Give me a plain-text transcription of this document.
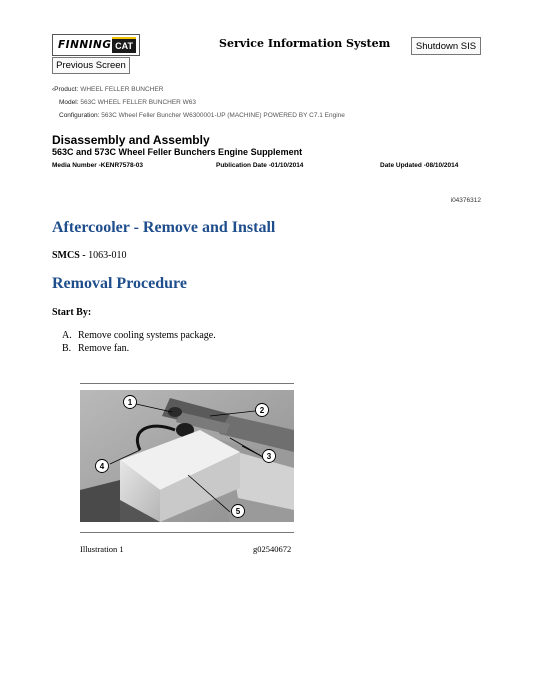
FINNING CAT	Service Information System	Shutdown SIS
Previous Screen
‹Product: WHEEL FELLER BUNCHER
Model: 563C WHEEL FELLER BUNCHER W63
Configuration: 563C Wheel Feller Buncher W6300001-UP (MACHINE) POWERED BY C7.1 Engine
Disassembly and Assembly
563C and 573C Wheel Feller Bunchers Engine Supplement
Media Number -KENR7578-03	Publication Date -01/10/2014	Date Updated -08/10/2014
i04376312
Aftercooler - Remove and Install
SMCS - 1063-010
Removal Procedure
Start By:
A. Remove cooling systems package.
B. Remove fan.
1
2
3
4
5
Illustration 1	g02540672
